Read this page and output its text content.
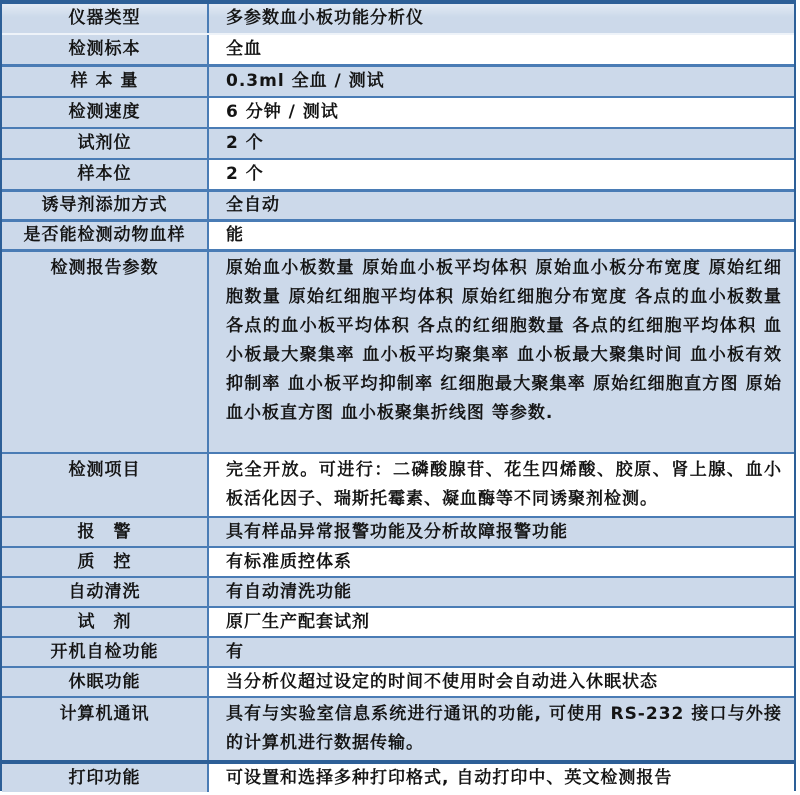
仪器类型	多参数血小板功能分析仪
检测标本	全血
样 本 量	0.3ml 全血 / 测试
检测速度	6 分钟 / 测试
试剂位	2 个
样本位	2 个
诱导剂添加方式	全自动
是否能检测动物血样	能
检测报告参数	原始血小板数量 原始血小板平均体积 原始血小板分布宽度 原始红细胞数量 原始红细胞平均体积 原始红细胞分布宽度 各点的血小板数量 各点的血小板平均体积 各点的红细胞数量 各点的红细胞平均体积 血小板最大聚集率 血小板平均聚集率 血小板最大聚集时间 血小板有效抑制率 血小板平均抑制率 红细胞最大聚集率 原始红细胞直方图 原始血小板直方图 血小板聚集折线图 等参数.
检测项目	完全开放。可进行：二磷酸腺苷、花生四烯酸、胶原、肾上腺、血小板活化因子、瑞斯托霉素、凝血酶等不同诱聚剂检测。
报　警	具有样品异常报警功能及分析故障报警功能
质　控	有标准质控体系
自动清洗	有自动清洗功能
试　剂	原厂生产配套试剂
开机自检功能	有
休眠功能	当分析仪超过设定的时间不使用时会自动进入休眠状态
计算机通讯	具有与实验室信息系统进行通讯的功能, 可使用 RS-232 接口与外接的计算机进行数据传输。
打印功能	可设置和选择多种打印格式, 自动打印中、英文检测报告
